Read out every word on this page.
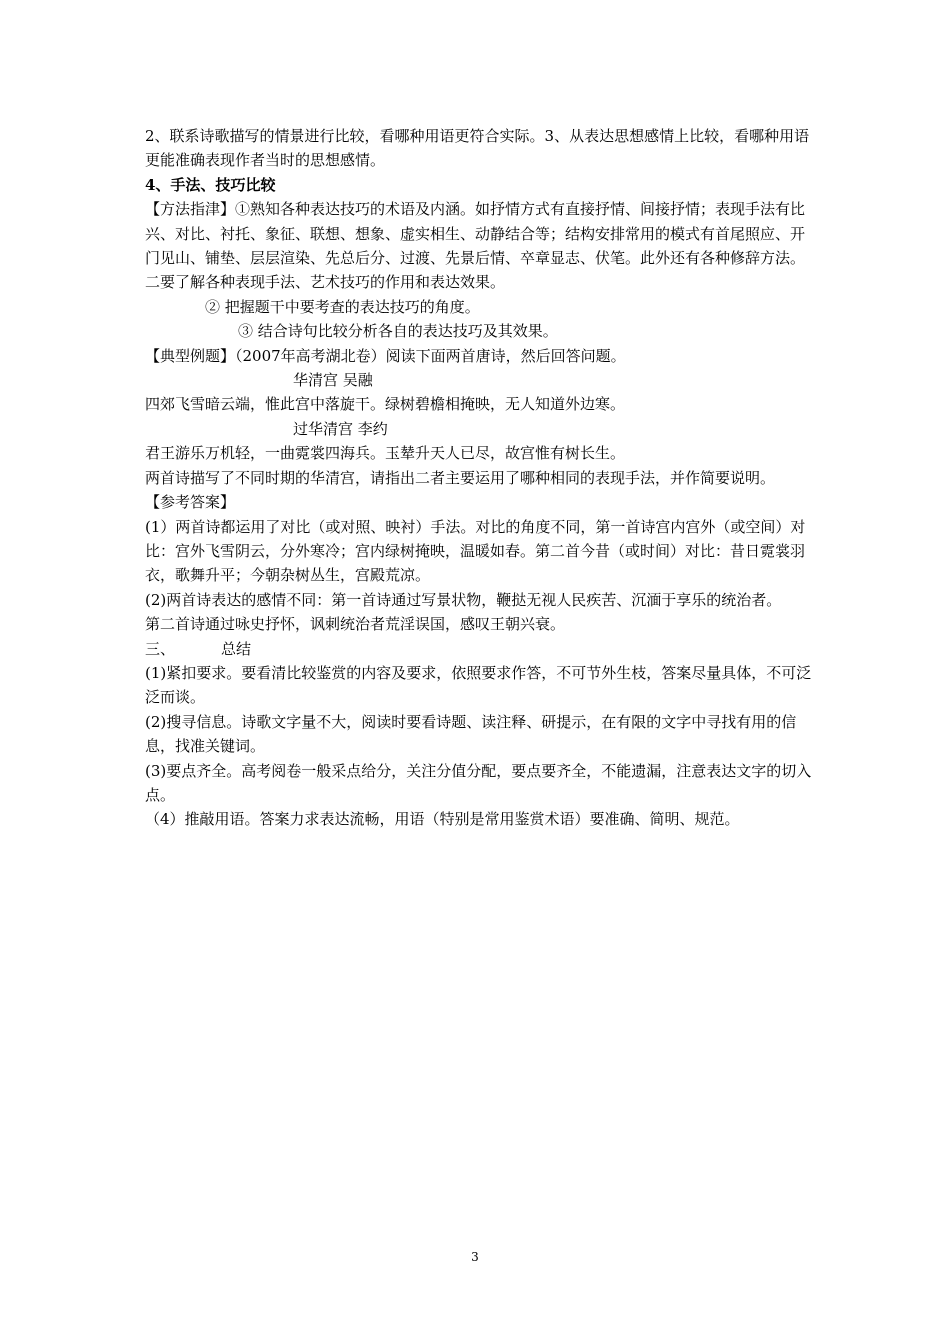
2、联系诗歌描写的情景进行比较，看哪种用语更符合实际。3、从表达思想感情上比较，看哪种用语更能准确表现作者当时的思想感情。

4、手法、技巧比较

【方法指津】①熟知各种表达技巧的术语及内涵。如抒情方式有直接抒情、间接抒情；表现手法有比兴、对比、衬托、象征、联想、想象、虚实相生、动静结合等；结构安排常用的模式有首尾照应、开门见山、铺垫、层层渲染、先总后分、过渡、先景后情、卒章显志、伏笔。此外还有各种修辞方法。二要了解各种表现手法、艺术技巧的作用和表达效果。

② 把握题干中要考查的表达技巧的角度。

③ 结合诗句比较分析各自的表达技巧及其效果。

【典型例题】（2007年高考湖北卷）阅读下面两首唐诗，然后回答问题。

华清宫 吴融

四郊飞雪暗云端，惟此宫中落旋干。绿树碧檐相掩映，无人知道外边寒。

过华清宫 李约

君王游乐万机轻，一曲霓裳四海兵。玉辇升天人已尽，故宫惟有树长生。

两首诗描写了不同时期的华清宫，请指出二者主要运用了哪种相同的表现手法，并作简要说明。

【参考答案】

(1）两首诗都运用了对比（或对照、映衬）手法。对比的角度不同，第一首诗宫内宫外（或空间）对比：宫外飞雪阴云，分外寒冷；宫内绿树掩映，温暖如春。第二首今昔（或时间）对比：昔日霓裳羽衣，歌舞升平；今朝杂树丛生，宫殿荒凉。

(2)两首诗表达的感情不同：第一首诗通过写景状物，鞭挞无视人民疾苦、沉湎于享乐的统治者。第二首诗通过咏史抒怀，讽刺统治者荒淫误国，感叹王朝兴衰。

三、	总结

(1)紧扣要求。要看清比较鉴赏的内容及要求，依照要求作答，不可节外生枝，答案尽量具体，不可泛泛而谈。

(2)搜寻信息。诗歌文字量不大，阅读时要看诗题、读注释、研提示，在有限的文字中寻找有用的信息，找准关键词。

(3)要点齐全。高考阅卷一般采点给分，关注分值分配，要点要齐全，不能遗漏，注意表达文字的切入点。

（4）推敲用语。答案力求表达流畅，用语（特别是常用鉴赏术语）要准确、简明、规范。

3
